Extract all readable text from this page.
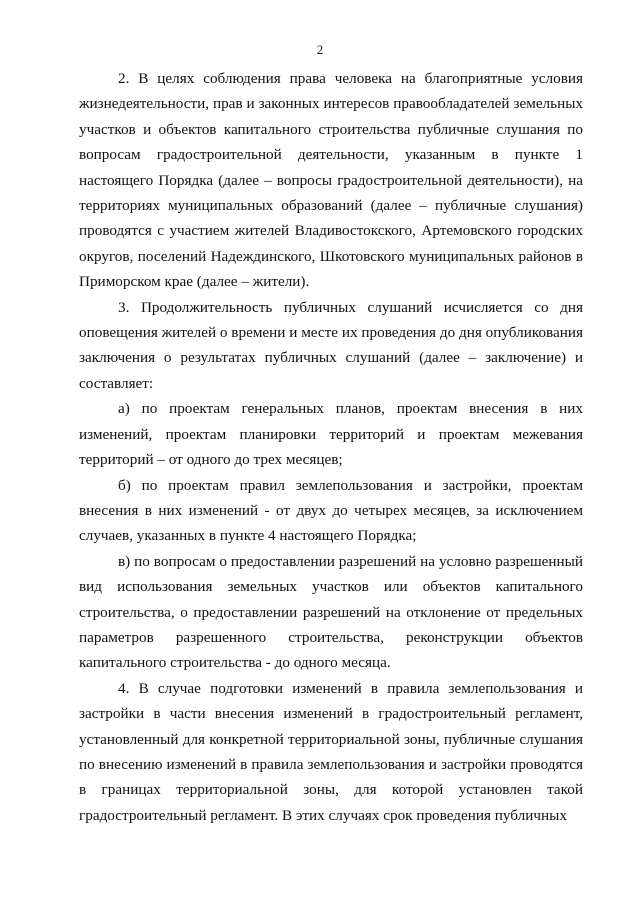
2

2. В целях соблюдения права человека на благоприятные условия жизнедеятельности, прав и законных интересов правообладателей земельных участков и объектов капитального строительства публичные слушания по вопросам градостроительной деятельности, указанным в пункте 1 настоящего Порядка (далее – вопросы градостроительной деятельности), на территориях муниципальных образований (далее – публичные слушания) проводятся с участием жителей Владивостокского, Артемовского городских округов, поселений Надеждинского, Шкотовского муниципальных районов в Приморском крае (далее – жители).

3. Продолжительность публичных слушаний исчисляется со дня оповещения жителей о времени и месте их проведения до дня опубликования заключения о результатах публичных слушаний (далее – заключение) и составляет:

а) по проектам генеральных планов, проектам внесения в них изменений, проектам планировки территорий и проектам межевания территорий – от одного до трех месяцев;

б) по проектам правил землепользования и застройки, проектам внесения в них изменений - от двух до четырех месяцев, за исключением случаев, указанных в пункте 4 настоящего Порядка;

в) по вопросам о предоставлении разрешений на условно разрешенный вид использования земельных участков или объектов капитального строительства, о предоставлении разрешений на отклонение от предельных параметров разрешенного строительства, реконструкции объектов капитального строительства - до одного месяца.

4. В случае подготовки изменений в правила землепользования и застройки в части внесения изменений в градостроительный регламент, установленный для конкретной территориальной зоны, публичные слушания по внесению изменений в правила землепользования и застройки проводятся в границах территориальной зоны, для которой установлен такой градостроительный регламент. В этих случаях срок проведения публичных
